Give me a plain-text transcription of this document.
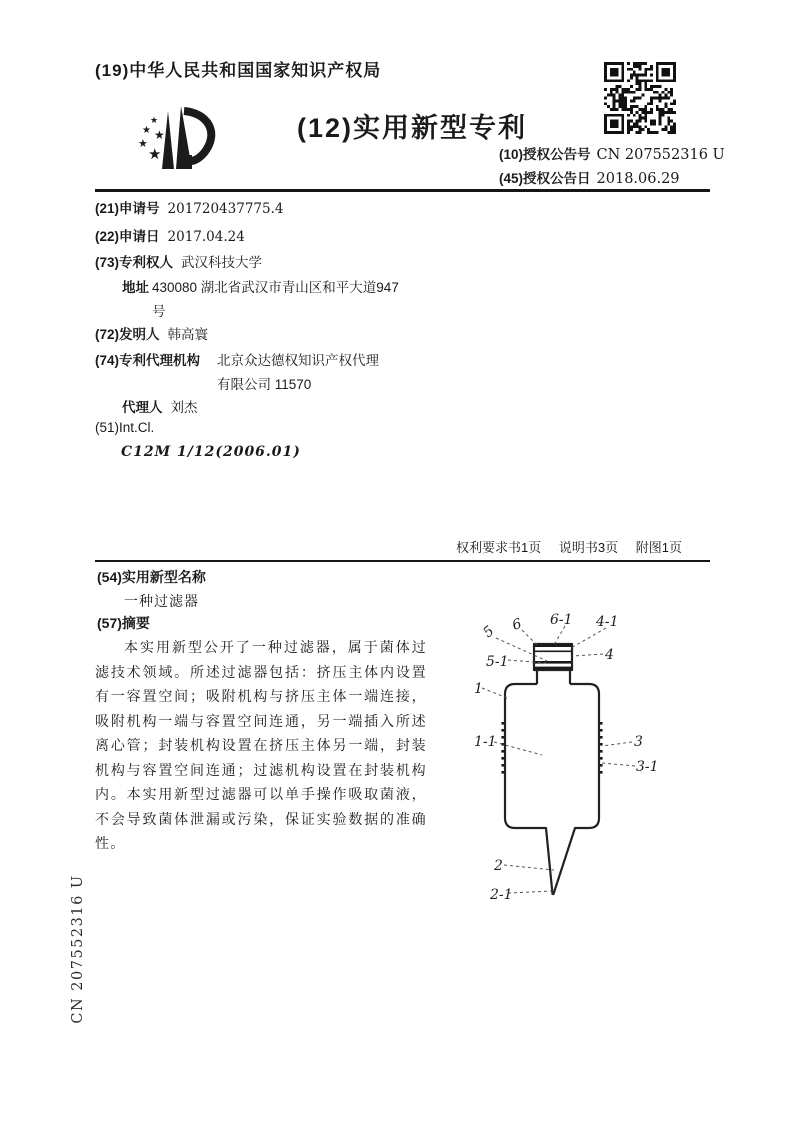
(19)中华人民共和国国家知识产权局
★
★ ★
★
★
(12)实用新型专利
(10)授权公告号 CN 207552316 U
(45)授权公告日 2018.06.29
(21)申请号 201720437775.4
(22)申请日 2017.04.24
(73)专利权人 武汉科技大学
地址 430080 湖北省武汉市青山区和平大道947号
(72)发明人 韩高寰
(74)专利代理机构 北京众达德权知识产权代理有限公司 11570
代理人 刘杰
(51)Int.Cl.
C12M 1/12(2006.01)
权利要求书1页 说明书3页 附图1页
(54)实用新型名称
一种过滤器
(57)摘要
本实用新型公开了一种过滤器，属于菌体过滤技术领域。所述过滤器包括：挤压主体内设置有一容置空间；吸附机构与挤压主体一端连接，吸附机构一端与容置空间连通，另一端插入所述离心管；封装机构设置在挤压主体另一端，封装机构与容置空间连通；过滤机构设置在封装机构内。本实用新型过滤器可以单手操作吸取菌液，不会导致菌体泄漏或污染，保证实验数据的准确性。
5 6 6-1 4-1
4
5-1
1
1-1	3
3-1
2
2-1
CN 207552316 U
